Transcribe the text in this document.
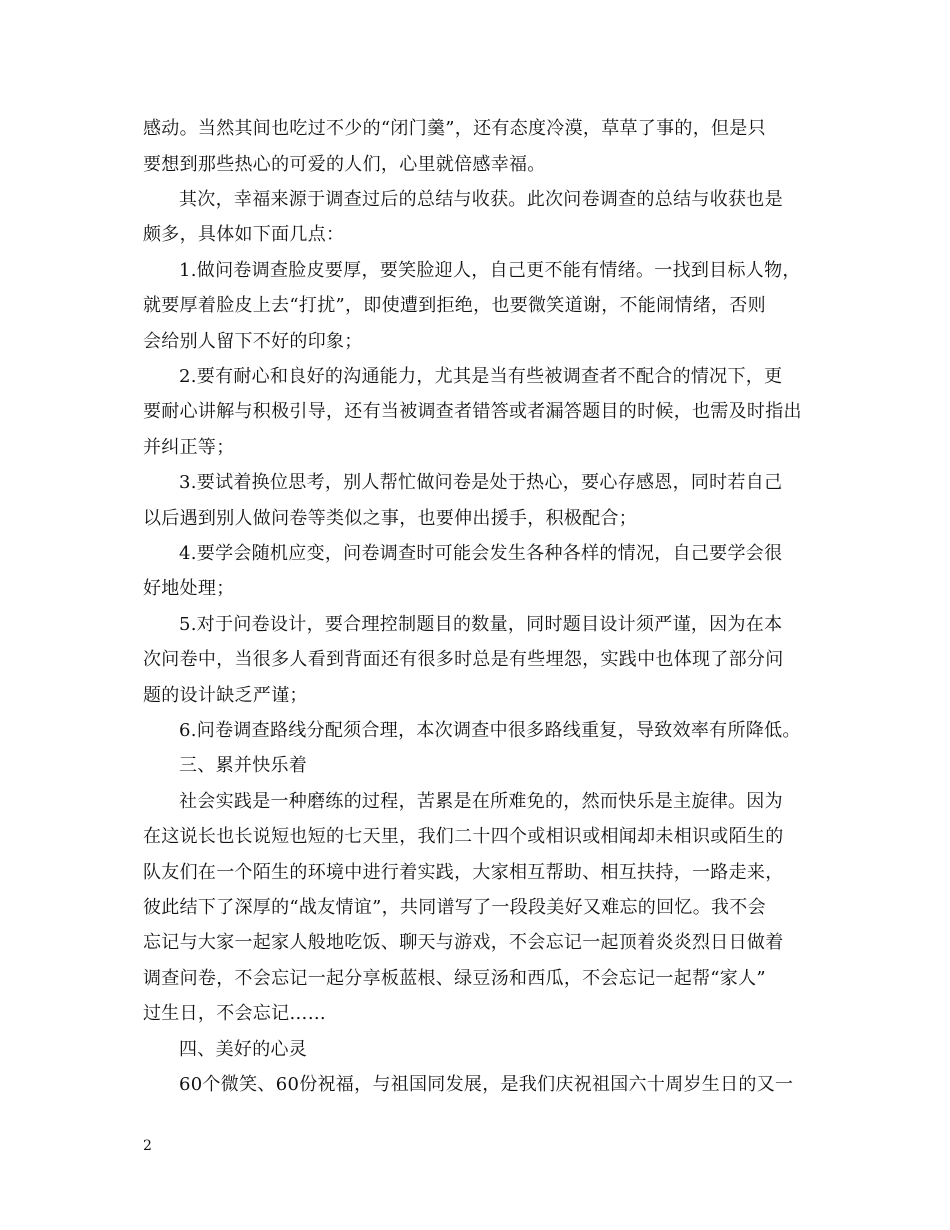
感动。当然其间也吃过不少的“闭门羹”，还有态度冷漠，草草了事的，但是只
要想到那些热心的可爱的人们，心里就倍感幸福。
其次，幸福来源于调查过后的总结与收获。此次问卷调查的总结与收获也是
颇多，具体如下面几点：
1.做问卷调查脸皮要厚，要笑脸迎人，自己更不能有情绪。一找到目标人物，
就要厚着脸皮上去“打扰”，即使遭到拒绝，也要微笑道谢，不能闹情绪，否则
会给别人留下不好的印象；
2.要有耐心和良好的沟通能力，尤其是当有些被调查者不配合的情况下，更
要耐心讲解与积极引导，还有当被调查者错答或者漏答题目的时候，也需及时指出
并纠正等；
3.要试着换位思考，别人帮忙做问卷是处于热心，要心存感恩，同时若自己
以后遇到别人做问卷等类似之事，也要伸出援手，积极配合；
4.要学会随机应变，问卷调查时可能会发生各种各样的情况，自己要学会很
好地处理；
5.对于问卷设计，要合理控制题目的数量，同时题目设计须严谨，因为在本
次问卷中，当很多人看到背面还有很多时总是有些埋怨，实践中也体现了部分问
题的设计缺乏严谨；
6.问卷调查路线分配须合理，本次调查中很多路线重复，导致效率有所降低。
三、累并快乐着
社会实践是一种磨练的过程，苦累是在所难免的，然而快乐是主旋律。因为
在这说长也长说短也短的七天里，我们二十四个或相识或相闻却未相识或陌生的
队友们在一个陌生的环境中进行着实践，大家相互帮助、相互扶持，一路走来，
彼此结下了深厚的“战友情谊”，共同谱写了一段段美好又难忘的回忆。我不会
忘记与大家一起家人般地吃饭、聊天与游戏，不会忘记一起顶着炎炎烈日日做着
调查问卷，不会忘记一起分享板蓝根、绿豆汤和西瓜，不会忘记一起帮“家人”
过生日，不会忘记……
四、美好的心灵
60个微笑、60份祝福，与祖国同发展，是我们庆祝祖国六十周岁生日的又一
2
